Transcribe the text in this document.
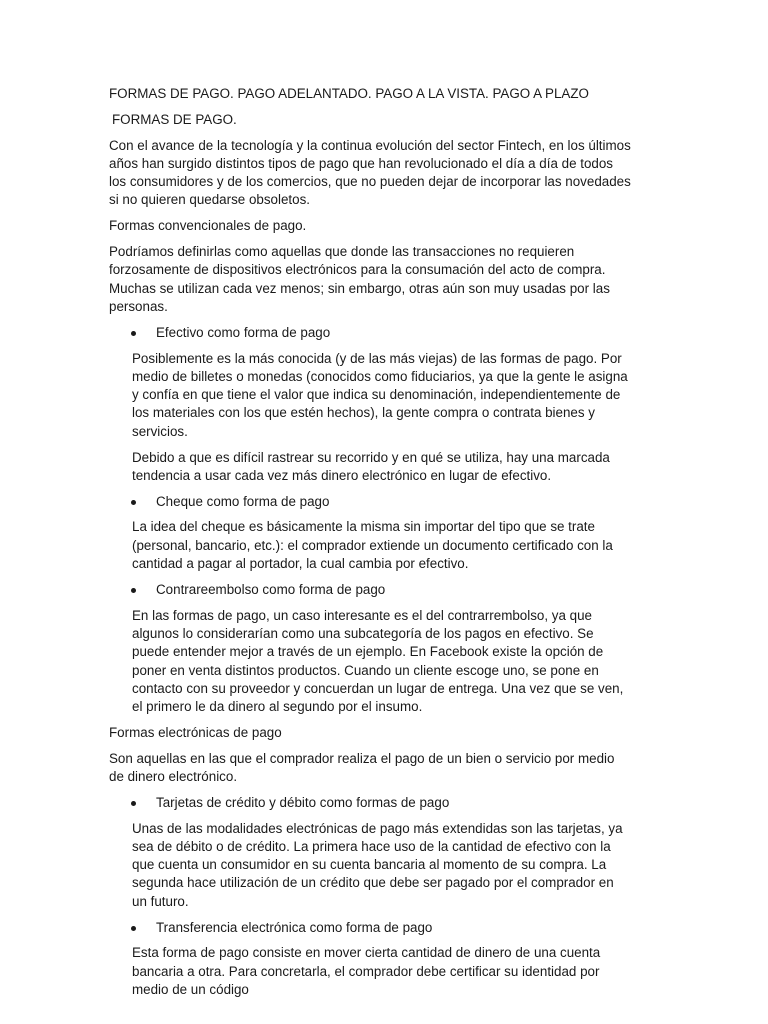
FORMAS DE PAGO. PAGO ADELANTADO. PAGO A LA VISTA. PAGO A PLAZO

FORMAS DE PAGO.

Con el avance de la tecnología y la continua evolución del sector Fintech, en los últimos años han surgido distintos tipos de pago que han revolucionado el día a día de todos los consumidores y de los comercios, que no pueden dejar de incorporar las novedades si no quieren quedarse obsoletos.

Formas convencionales de pago.

Podríamos definirlas como aquellas que donde las transacciones no requieren forzosamente de dispositivos electrónicos para la consumación del acto de compra. Muchas se utilizan cada vez menos; sin embargo, otras aún son muy usadas por las personas.

Efectivo como forma de pago

Posiblemente es la más conocida (y de las más viejas) de las formas de pago. Por medio de billetes o monedas (conocidos como fiduciarios, ya que la gente le asigna y confía en que tiene el valor que indica su denominación, independientemente de los materiales con los que estén hechos), la gente compra o contrata bienes y servicios.

Debido a que es difícil rastrear su recorrido y en qué se utiliza, hay una marcada tendencia a usar cada vez más dinero electrónico en lugar de efectivo.

Cheque como forma de pago

La idea del cheque es básicamente la misma sin importar del tipo que se trate (personal, bancario, etc.): el comprador extiende un documento certificado con la cantidad a pagar al portador, la cual cambia por efectivo.

Contrareembolso como forma de pago

En las formas de pago, un caso interesante es el del contrarrembolso, ya que algunos lo considerarían como una subcategoría de los pagos en efectivo. Se puede entender mejor a través de un ejemplo. En Facebook existe la opción de poner en venta distintos productos. Cuando un cliente escoge uno, se pone en contacto con su proveedor y concuerdan un lugar de entrega. Una vez que se ven, el primero le da dinero al segundo por el insumo.

Formas electrónicas de pago

Son aquellas en las que el comprador realiza el pago de un bien o servicio por medio de dinero electrónico.

Tarjetas de crédito y débito como formas de pago

Unas de las modalidades electrónicas de pago más extendidas son las tarjetas, ya sea de débito o de crédito. La primera hace uso de la cantidad de efectivo con la que cuenta un consumidor en su cuenta bancaria al momento de su compra. La segunda hace utilización de un crédito que debe ser pagado por el comprador en un futuro.

Transferencia electrónica como forma de pago

Esta forma de pago consiste en mover cierta cantidad de dinero de una cuenta bancaria a otra. Para concretarla, el comprador debe certificar su identidad por medio de un código
